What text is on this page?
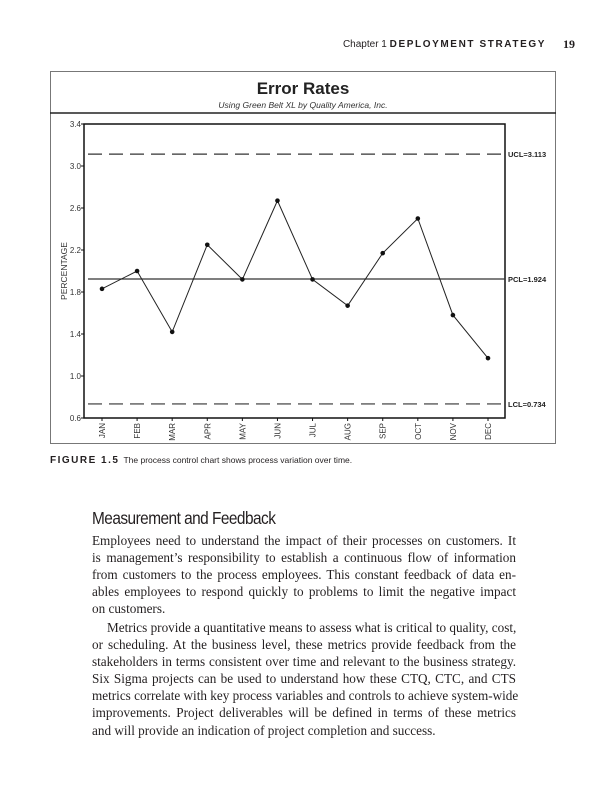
Chapter 1 DEPLOYMENT STRATEGY 19
Error Rates
Using Green Belt XL by Quality America, Inc.
0.6
1.0
1.4
1.8
2.2
2.6
3.0
3.4
PERCENTAGE
UCL=3.113
PCL=1.924
LCL=0.734
JAN	FEB	MAR	APR	MAY	JUN	JUL	AUG	SEP	OCT	NOV	DEC
FIGURE 1.5 The process control chart shows process variation over time.
Measurement and Feedback
Employees need to understand the impact of their processes on customers. It
is management’s responsibility to establish a continuous flow of information
from customers to the process employees. This constant feedback of data en-
ables employees to respond quickly to problems to limit the negative impact
on customers.
Metrics provide a quantitative means to assess what is critical to quality, cost,
or scheduling. At the business level, these metrics provide feedback from the
stakeholders in terms consistent over time and relevant to the business strategy.
Six Sigma projects can be used to understand how these CTQ, CTC, and CTS
metrics correlate with key process variables and controls to achieve system-wide
improvements. Project deliverables will be defined in terms of these metrics
and will provide an indication of project completion and success.
